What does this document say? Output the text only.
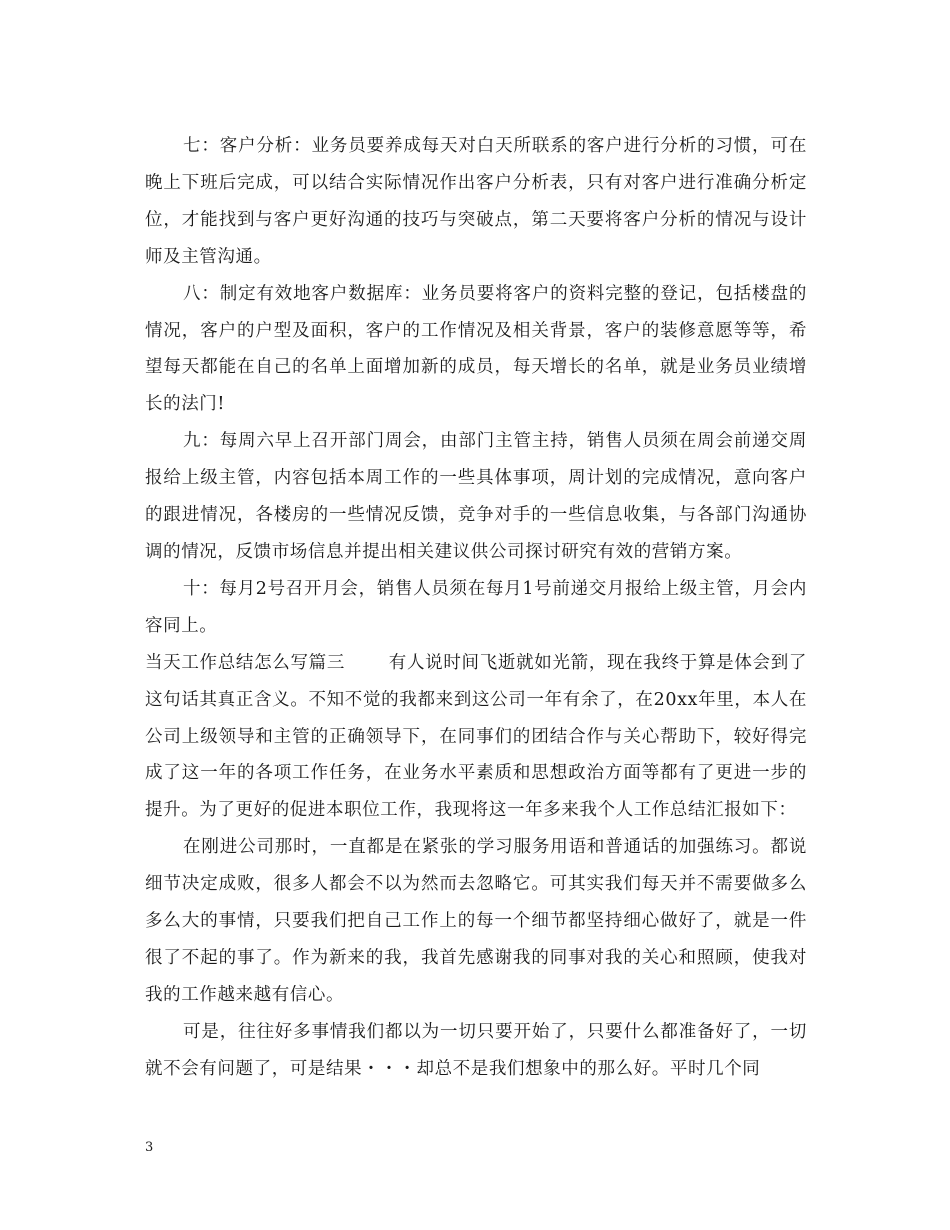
七：客户分析：业务员要养成每天对白天所联系的客户进行分析的习惯，可在晚上下班后完成，可以结合实际情况作出客户分析表，只有对客户进行准确分析定位，才能找到与客户更好沟通的技巧与突破点，第二天要将客户分析的情况与设计师及主管沟通。

八：制定有效地客户数据库：业务员要将客户的资料完整的登记，包括楼盘的情况，客户的户型及面积，客户的工作情况及相关背景，客户的装修意愿等等，希望每天都能在自己的名单上面增加新的成员，每天增长的名单，就是业务员业绩增长的法门!

九：每周六早上召开部门周会，由部门主管主持，销售人员须在周会前递交周报给上级主管，内容包括本周工作的一些具体事项，周计划的完成情况，意向客户的跟进情况，各楼房的一些情况反馈，竞争对手的一些信息收集，与各部门沟通协调的情况，反馈市场信息并提出相关建议供公司探讨研究有效的营销方案。

十：每月2号召开月会，销售人员须在每月1号前递交月报给上级主管，月会内容同上。

当天工作总结怎么写篇三	有人说时间飞逝就如光箭，现在我终于算是体会到了这句话其真正含义。不知不觉的我都来到这公司一年有余了，在20xx年里，本人在公司上级领导和主管的正确领导下，在同事们的团结合作与关心帮助下，较好得完成了这一年的各项工作任务，在业务水平素质和思想政治方面等都有了更进一步的提升。为了更好的促进本职位工作，我现将这一年多来我个人工作总结汇报如下：

在刚进公司那时，一直都是在紧张的学习服务用语和普通话的加强练习。都说细节决定成败，很多人都会不以为然而去忽略它。可其实我们每天并不需要做多么多么大的事情，只要我们把自己工作上的每一个细节都坚持细心做好了，就是一件很了不起的事了。作为新来的我，我首先感谢我的同事对我的关心和照顾，使我对我的工作越来越有信心。

可是，往往好多事情我们都以为一切只要开始了，只要什么都准备好了，一切就不会有问题了，可是结果・・・却总不是我们想象中的那么好。平时几个同

3
